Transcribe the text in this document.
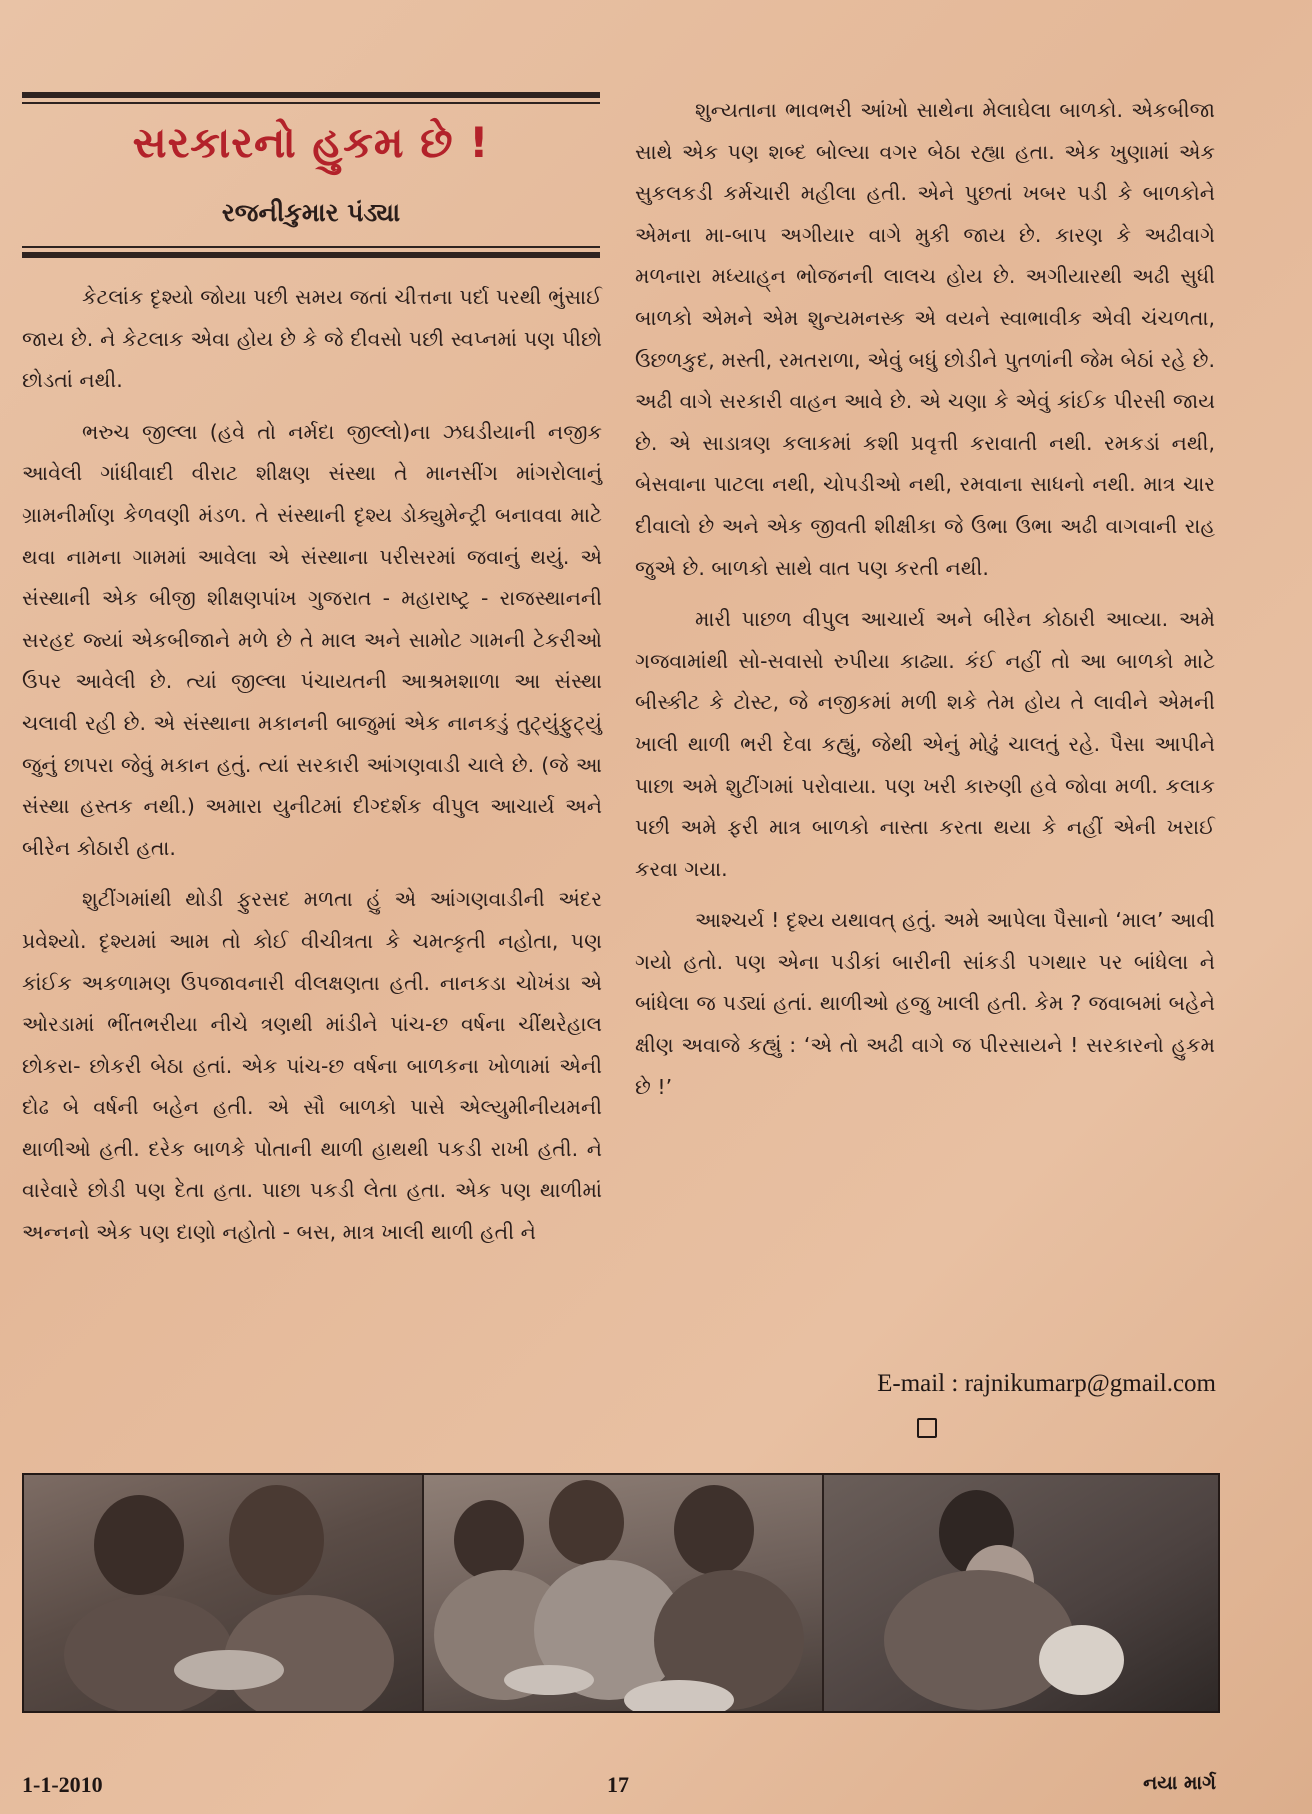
સરકારનો હુકમ છે !
રજનીકુમાર પંડ્યા

કેટલાંક દૃશ્યો જોયા પછી સમય જતાં ચીત્તના પર્દા પરથી ભુંસાઈ જાય છે. ને કેટલાક એવા હોય છે કે જે દીવસો પછી સ્વપ્નમાં પણ પીછો છોડતાં નથી.

ભરુચ જીલ્લા (હવે તો નર્મદા જીલ્લો)ના ઝઘડીયાની નજીક આવેલી ગાંધીવાદી વીરાટ શીક્ષણ સંસ્થા તે માનસીંગ માંગરોલાનું ગ્રામનીર્માણ કેળવણી મંડળ. તે સંસ્થાની દૃશ્ય ડોક્યુમેન્ટ્રી બનાવવા માટે થવા નામના ગામમાં આવેલા એ સંસ્થાના પરીસરમાં જવાનું થયું. એ સંસ્થાની એક બીજી શીક્ષણપાંખ ગુજરાત - મહારાષ્ટ્ર - રાજસ્થાનની સરહદ જ્યાં એકબીજાને મળે છે તે માલ અને સામોટ ગામની ટેકરીઓ ઉપર આવેલી છે. ત્યાં જીલ્લા પંચાયતની આશ્રમશાળા આ સંસ્થા ચલાવી રહી છે. એ સંસ્થાના મકાનની બાજુમાં એક નાનકડું તુટ્યુંફુટ્યું જુનું છાપરા જેવું મકાન હતું. ત્યાં સરકારી આંગણવાડી ચાલે છે. (જે આ સંસ્થા હસ્તક નથી.) અમારા યુનીટમાં દીગ્દર્શક વીપુલ આચાર્ય અને બીરેન કોઠારી હતા.

શુટીંગમાંથી થોડી ફુરસદ મળતા હું એ આંગણવાડીની અંદર પ્રવેશ્યો. દૃશ્યમાં આમ તો કોઈ વીચીત્રતા કે ચમત્કૃતી નહોતા, પણ કાંઈક અકળામણ ઉપજાવનારી વીલક્ષણતા હતી. નાનકડા ચોખંડા એ ઓરડામાં ભીંતભરીયા નીચે ત્રણથી માંડીને પાંચ-છ વર્ષના ચીંથરેહાલ છોકરા- છોકરી બેઠા હતાં. એક પાંચ-છ વર્ષના બાળકના ખોળામાં એની દોઢ બે વર્ષની બહેન હતી. એ સૌ બાળકો પાસે એલ્યુમીનીયમની થાળીઓ હતી. દરેક બાળકે પોતાની થાળી હાથથી પકડી રાખી હતી. ને વારેવારે છોડી પણ દેતા હતા. પાછા પકડી લેતા હતા. એક પણ થાળીમાં અન્નનો એક પણ દાણો નહોતો - બસ, માત્ર ખાલી થાળી હતી ને

શુન્યતાના ભાવભરી આંખો સાથેના મેલાઘેલા બાળકો. એકબીજા સાથે એક પણ શબ્દ બોલ્યા વગર બેઠા રહ્યા હતા. એક ખુણામાં એક સુકલકડી કર્મચારી મહીલા હતી. એને પુછતાં ખબર પડી કે બાળકોને એમના મા-બાપ અગીયાર વાગે મુકી જાય છે. કારણ કે અઢીવાગે મળનારા મધ્યાહ્‌ન ભોજનની લાલચ હોય છે. અગીયારથી અઢી સુધી બાળકો એમને એમ શુન્યમનસ્ક એ વયને સ્વાભાવીક એવી ચંચળતા, ઉછળકુદ, મસ્તી, રમતરાળા, એવું બધું છોડીને પુતળાંની જેમ બેઠાં રહે છે. અઢી વાગે સરકારી વાહન આવે છે. એ ચણા કે એવું કાંઈક પીરસી જાય છે. એ સાડાત્રણ કલાકમાં કશી પ્રવૃત્તી કરાવાતી નથી. રમકડાં નથી, બેસવાના પાટલા નથી, ચોપડીઓ નથી, રમવાના સાધનો નથી. માત્ર ચાર દીવાલો છે અને એક જીવતી શીક્ષીકા જે ઉભા ઉભા અઢી વાગવાની રાહ જુએ છે. બાળકો સાથે વાત પણ કરતી નથી.

મારી પાછળ વીપુલ આચાર્ય અને બીરેન કોઠારી આવ્યા. અમે ગજવામાંથી સો-સવાસો રુપીયા કાઢ્યા. કંઈ નહીં તો આ બાળકો માટે બીસ્કીટ કે ટોસ્ટ, જે નજીકમાં મળી શકે તેમ હોય તે લાવીને એમની ખાલી થાળી ભરી દેવા કહ્યું, જેથી એનું મોઢું ચાલતું રહે. પૈસા આપીને પાછા અમે શુટીંગમાં પરોવાયા. પણ ખરી કારુણી હવે જોવા મળી. કલાક પછી અમે ફરી માત્ર બાળકો નાસ્તા કરતા થયા કે નહીં એની ખરાઈ કરવા ગયા.

આશ્ચર્ય ! દૃશ્ય યથાવત્ હતું. અમે આપેલા પૈસાનો ‘માલ’ આવી ગયો હતો. પણ એના પડીકાં બારીની સાંકડી પગથાર પર બાંધેલા ને બાંધેલા જ પડ્યાં હતાં. થાળીઓ હજુ ખાલી હતી. કેમ ? જવાબમાં બહેને ક્ષીણ અવાજે કહ્યું : ‘એ તો અઢી વાગે જ પીરસાયને ! સરકારનો હુકમ છે !’

E-mail : rajnikumarp@gmail.com
1-1-2010	17	નયા માર્ગ
